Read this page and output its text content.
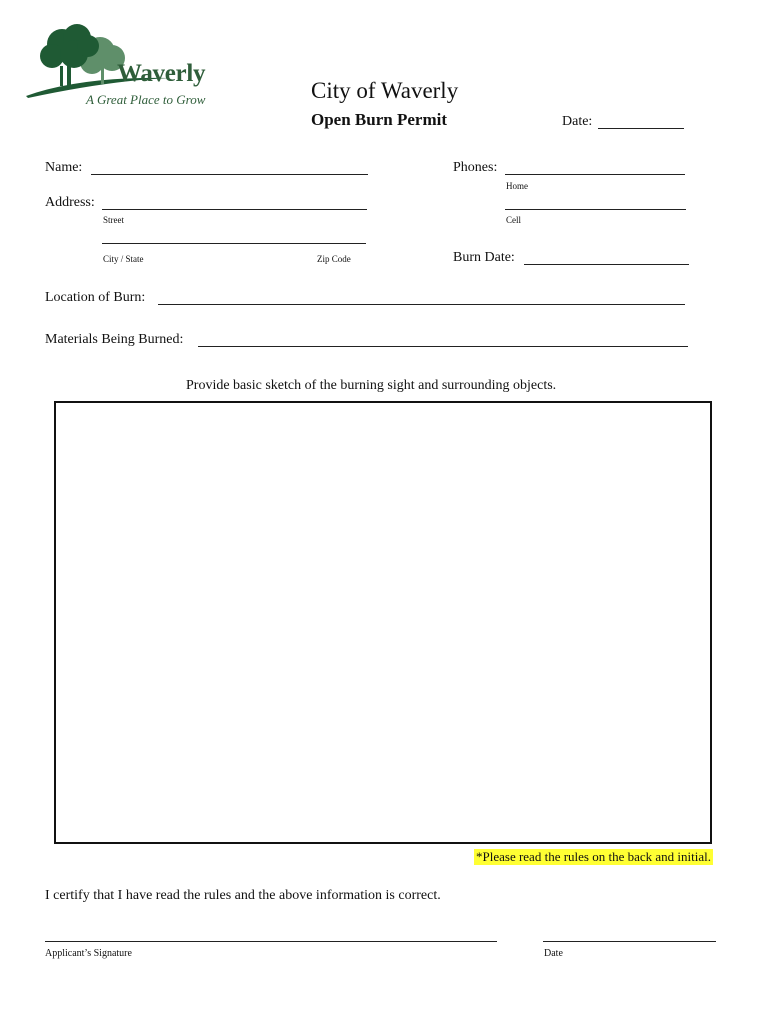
Waverly
A Great Place to Grow	City of Waverly
Open Burn Permit	Date:
Name:	Phones:
Home
Address:
Street	Cell
City / State	Zip Code	Burn Date:
Location of Burn:
Materials Being Burned:
Provide basic sketch of the burning sight and surrounding objects.
*Please read the rules on the back and initial.
I certify that I have read the rules and the above information is correct.
Applicant’s Signature	Date
